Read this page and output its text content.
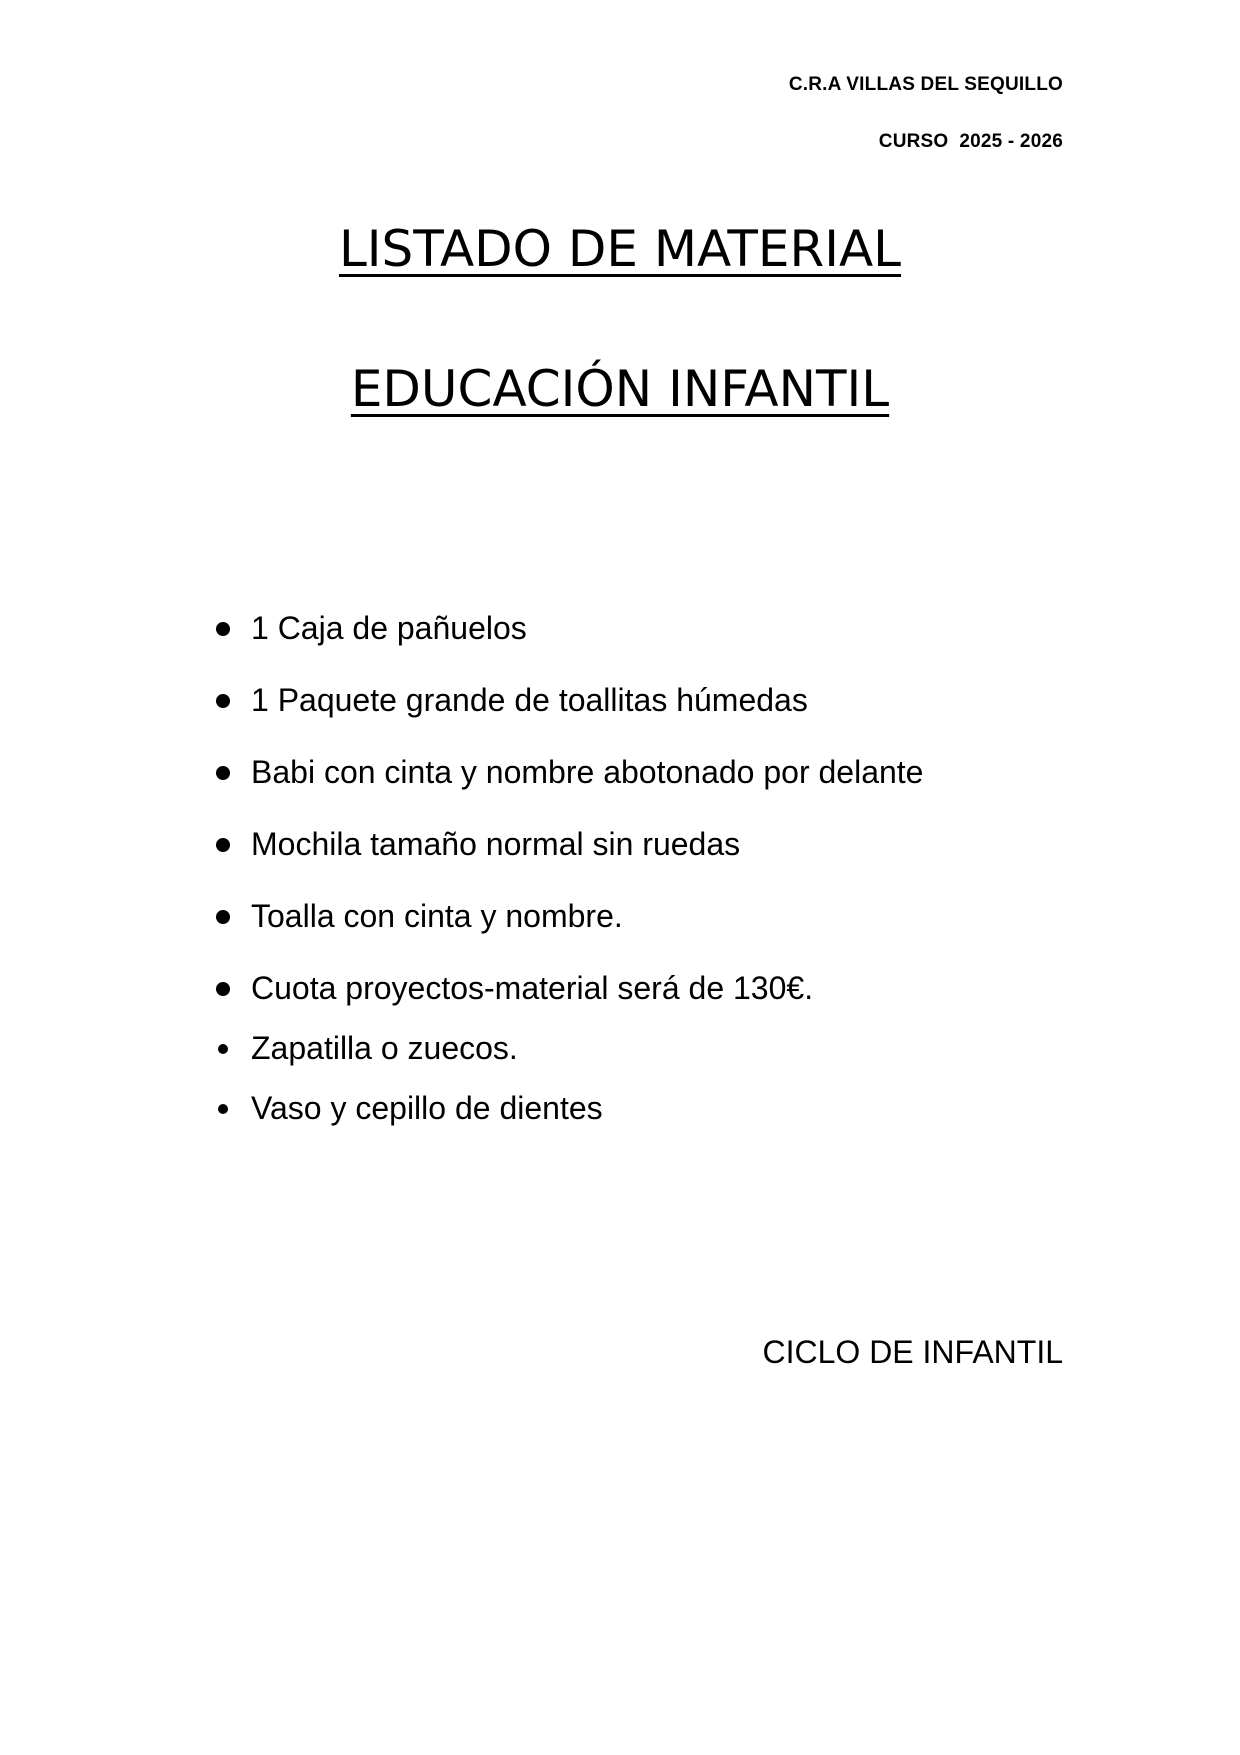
C.R.A VILLAS DEL SEQUILLO
CURSO  2025 - 2026
LISTADO DE MATERIAL
EDUCACIÓN INFANTIL
1 Caja de pañuelos
1 Paquete grande de toallitas húmedas
Babi con cinta y nombre abotonado por delante
Mochila tamaño normal sin ruedas
Toalla con cinta y nombre.
Cuota proyectos-material será de 130€.
Zapatilla o zuecos.
Vaso y cepillo de dientes
CICLO DE INFANTIL
